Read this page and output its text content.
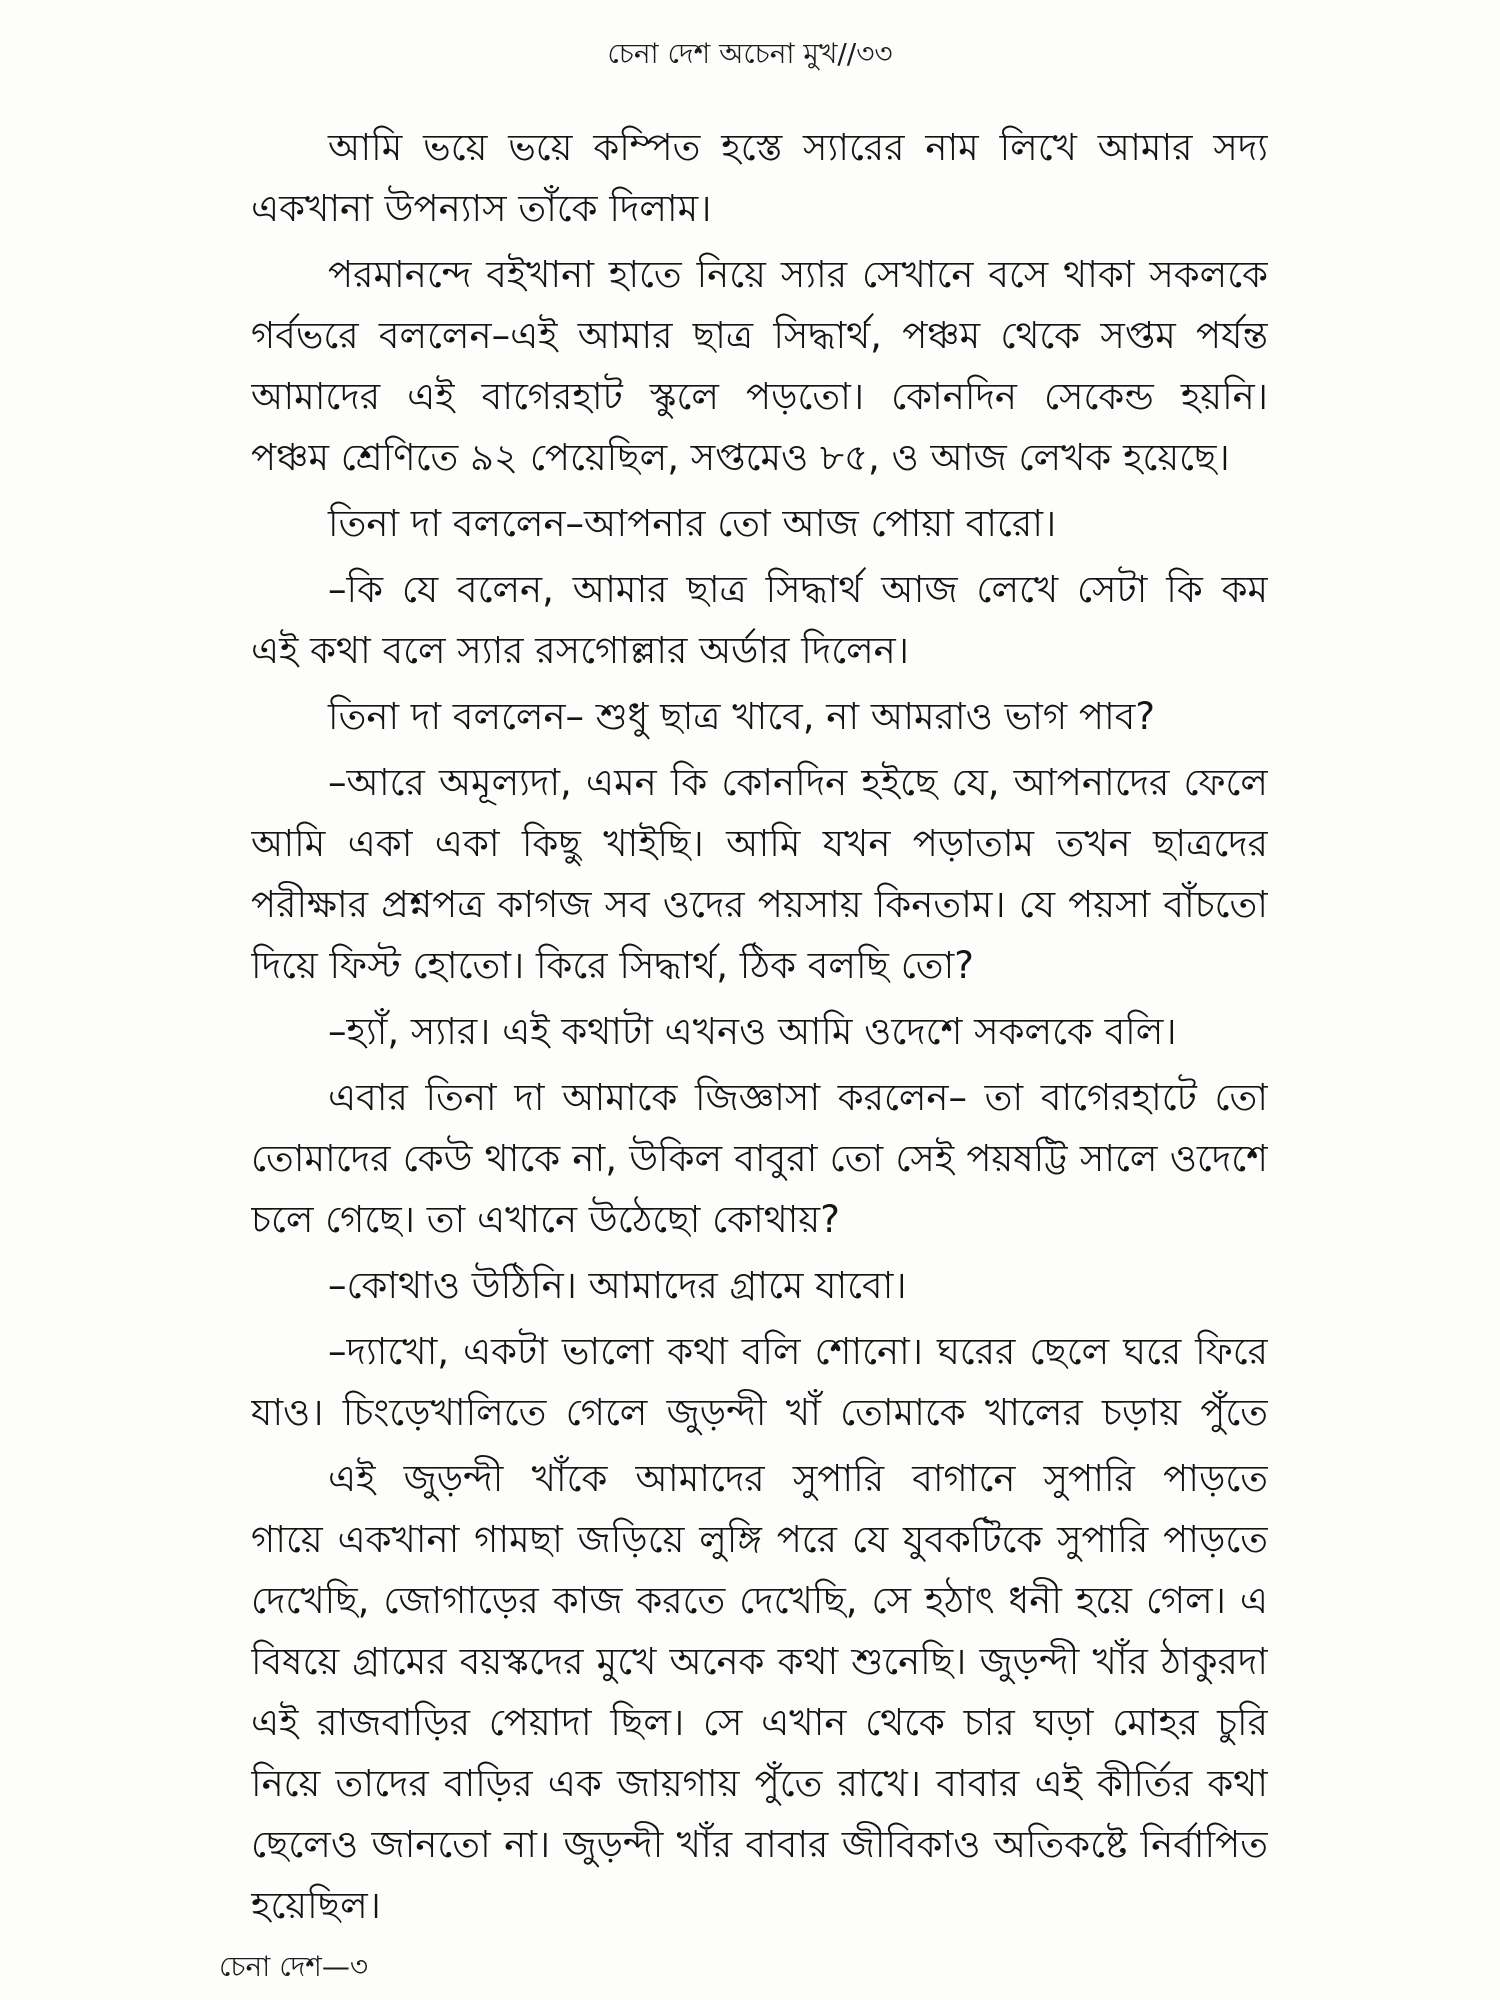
চেনা দেশ অচেনা মুখ//৩৩
আমি ভয়ে ভয়ে কম্পিত হস্তে স্যারের নাম লিখে আমার সদ্য
একখানা উপন্যাস তাঁকে দিলাম।
পরমানন্দে বইখানা হাতে নিয়ে স্যার সেখানে বসে থাকা সকলকে
গর্বভরে বললেন–এই আমার ছাত্র সিদ্ধার্থ, পঞ্চম থেকে সপ্তম পর্যন্ত
আমাদের এই বাগেরহাট স্কুলে পড়তো। কোনদিন সেকেন্ড হয়নি।
পঞ্চম শ্রেণিতে ৯২ পেয়েছিল, সপ্তমেও ৮৫, ও আজ লেখক হয়েছে।
তিনা দা বললেন–আপনার তো আজ পোয়া বারো।
–কি যে বলেন, আমার ছাত্র সিদ্ধার্থ আজ লেখে সেটা কি কম
এই কথা বলে স্যার রসগোল্লার অর্ডার দিলেন।
তিনা দা বললেন– শুধু ছাত্র খাবে, না আমরাও ভাগ পাব?
–আরে অমূল্যদা, এমন কি কোনদিন হইছে যে, আপনাদের ফেলে
আমি একা একা কিছু খাইছি। আমি যখন পড়াতাম তখন ছাত্রদের
পরীক্ষার প্রশ্নপত্র কাগজ সব ওদের পয়সায় কিনতাম। যে পয়সা বাঁচতো
দিয়ে ফিস্ট হোতো। কিরে সিদ্ধার্থ, ঠিক বলছি তো?
–হ্যাঁ, স্যার। এই কথাটা এখনও আমি ওদেশে সকলকে বলি।
এবার তিনা দা আমাকে জিজ্ঞাসা করলেন– তা বাগেরহাটে তো
তোমাদের কেউ থাকে না, উকিল বাবুরা তো সেই পয়ষট্টি সালে ওদেশে
চলে গেছে। তা এখানে উঠেছো কোথায়?
–কোথাও উঠিনি। আমাদের গ্রামে যাবো।
–দ্যাখো, একটা ভালো কথা বলি শোনো। ঘরের ছেলে ঘরে ফিরে
যাও। চিংড়েখালিতে গেলে জুড়ন্দী খাঁ তোমাকে খালের চড়ায় পুঁতে
এই জুড়ন্দী খাঁকে আমাদের সুপারি বাগানে সুপারি পাড়তে
গায়ে একখানা গামছা জড়িয়ে লুঙ্গি পরে যে যুবকটিকে সুপারি পাড়তে
দেখেছি, জোগাড়ের কাজ করতে দেখেছি, সে হঠাৎ ধনী হয়ে গেল। এ
বিষয়ে গ্রামের বয়স্কদের মুখে অনেক কথা শুনেছি। জুড়ন্দী খাঁর ঠাকুরদা
এই রাজবাড়ির পেয়াদা ছিল। সে এখান থেকে চার ঘড়া মোহর চুরি
নিয়ে তাদের বাড়ির এক জায়গায় পুঁতে রাখে। বাবার এই কীর্তির কথা
ছেলেও জানতো না। জুড়ন্দী খাঁর বাবার জীবিকাও অতিকষ্টে নির্বাপিত
হয়েছিল।
চেনা দেশ—৩
